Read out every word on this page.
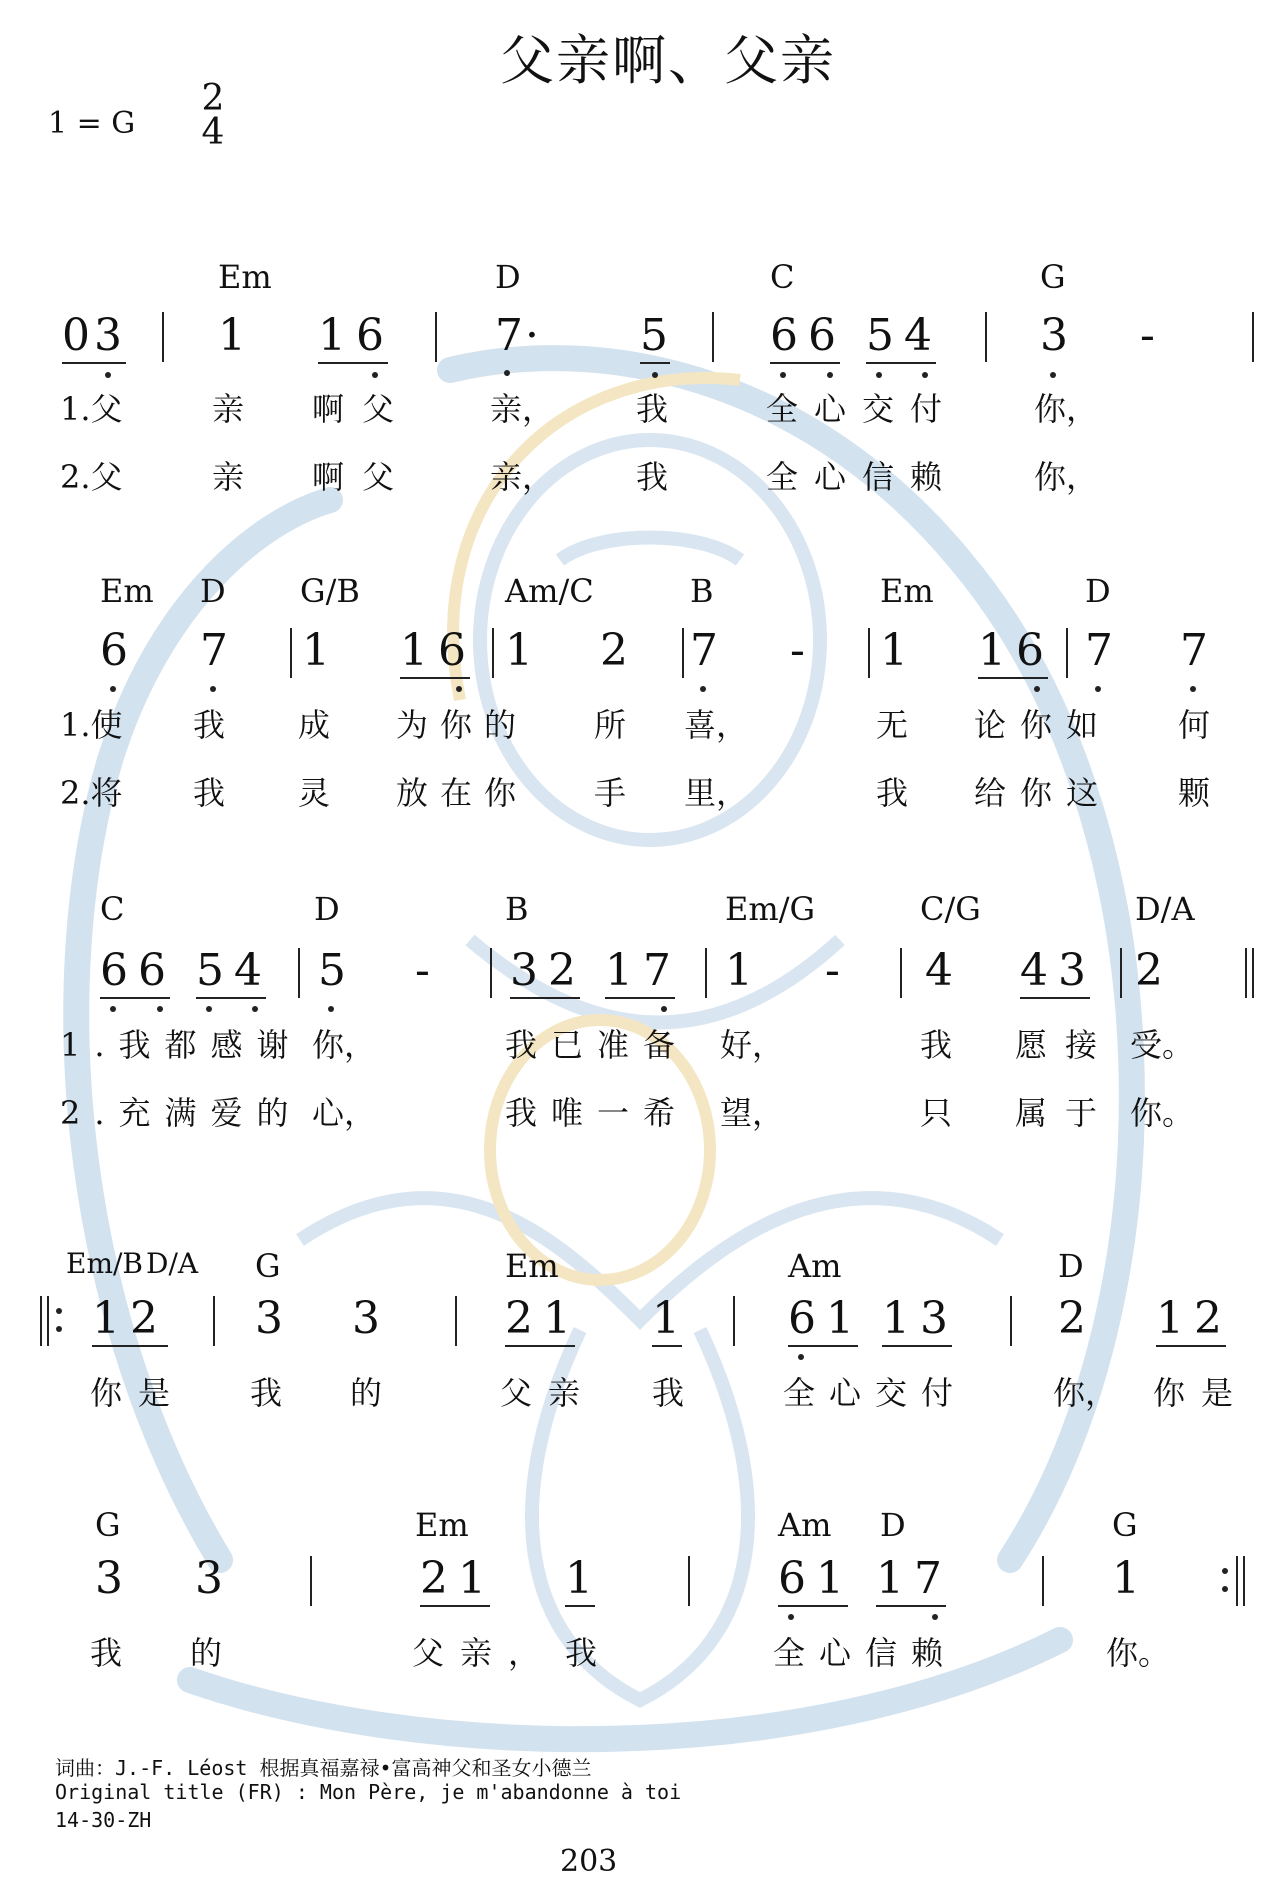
父亲啊、父亲
1 = G
2
4
Em	D	C	G
03 1 16 7 · 5 66 54 3 -
1.父	亲 啊父 亲，	我	全心交付 你，
2.父	亲 啊父 亲，	我	全心信赖 你，
Em D G/B	Am/C	B	Em	D
6 7 1 16 1 2 7 - 1 16 7 7
1.使 我 成 为你的 所 喜，	无 论你如 何
2.将 我 灵 放在你 手 里，	我 给你这 颗
C	D	B	Em/G	C/G	D/A
66 54 5 - 32 17 1 - 4 43 2
1.我都感谢 你，	我已准备 好，	我 愿接 受。
2.充满爱的 心，	我唯一希 望，	只 属于 你。
Em/B D/A G	Em	Am	D
12 3 3	21 1 61 13 2 12
你是 我 的	父亲 我	全心交付	你， 你是
G	Em	Am D	G
3 3	21 1	61 17	1
我 的	父亲， 我	全心信赖	你。
词曲：J.-F. Léost 根据真福嘉禄•富高神父和圣女小德兰
Original title (FR) : Mon Père, je m'abandonne à toi
14-30-ZH
203
